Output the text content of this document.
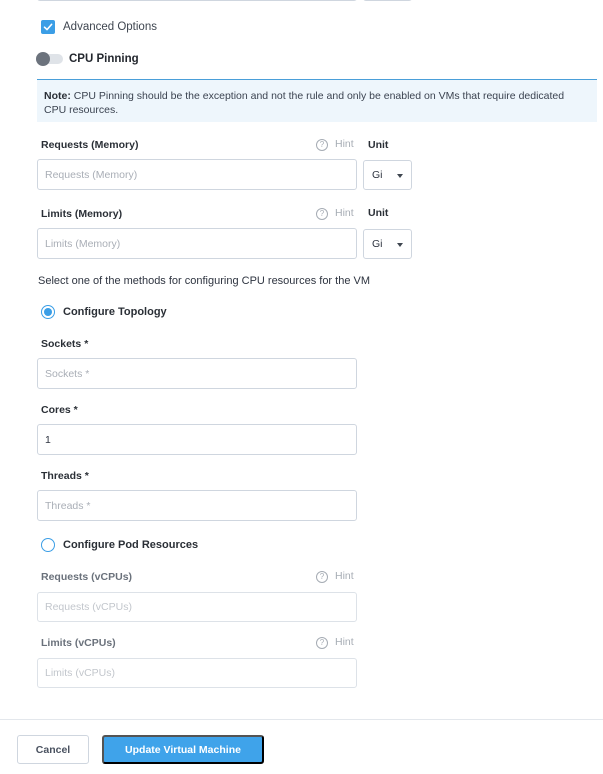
Advanced Options
CPU Pinning
Note: CPU Pinning should be the exception and not the rule and only be enabled on VMs that require dedicated CPU resources.
Requests (Memory)	?	Hint Unit
Requests (Memory)	Gi
Limits (Memory)	?	Hint Unit
Limits (Memory)	Gi
Select one of the methods for configuring CPU resources for the VM
Configure Topology
Sockets *
Sockets *
Cores *
1
Threads *
Threads *
Configure Pod Resources
Requests (vCPUs)	?	Hint
Requests (vCPUs)
Limits (vCPUs)	?	Hint
Limits (vCPUs)
Cancel	Update Virtual Machine
